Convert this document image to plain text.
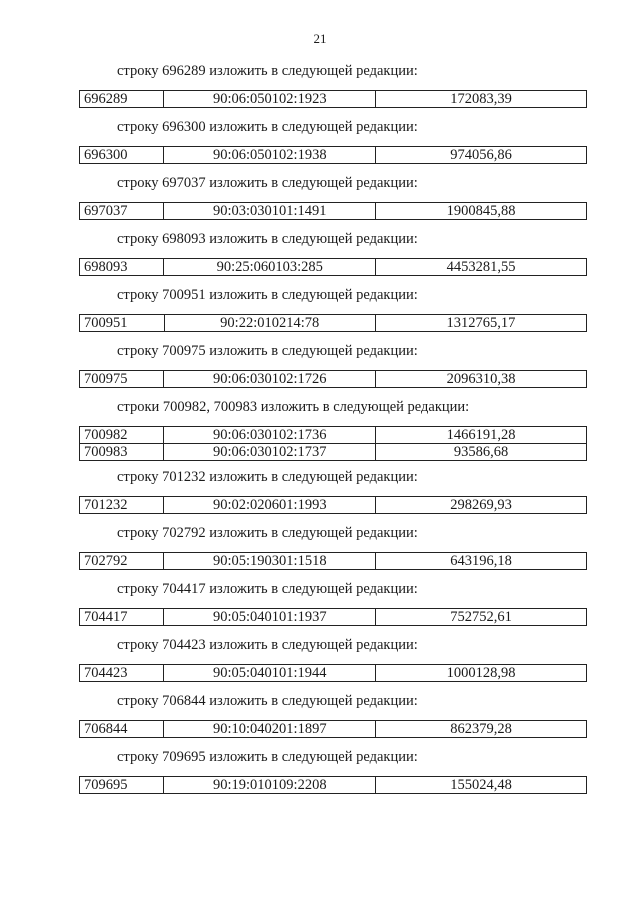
21
строку 696289 изложить в следующей редакции:
696289	90:06:050102:1923	172083,39
строку 696300 изложить в следующей редакции:
696300	90:06:050102:1938	974056,86
строку 697037 изложить в следующей редакции:
697037	90:03:030101:1491	1900845,88
строку 698093 изложить в следующей редакции:
698093	90:25:060103:285	4453281,55
строку 700951 изложить в следующей редакции:
700951	90:22:010214:78	1312765,17
строку 700975 изложить в следующей редакции:
700975	90:06:030102:1726	2096310,38
строки 700982, 700983 изложить в следующей редакции:
700982	90:06:030102:1736	1466191,28
700983	90:06:030102:1737	93586,68
строку 701232 изложить в следующей редакции:
701232	90:02:020601:1993	298269,93
строку 702792 изложить в следующей редакции:
702792	90:05:190301:1518	643196,18
строку 704417 изложить в следующей редакции:
704417	90:05:040101:1937	752752,61
строку 704423 изложить в следующей редакции:
704423	90:05:040101:1944	1000128,98
строку 706844 изложить в следующей редакции:
706844	90:10:040201:1897	862379,28
строку 709695 изложить в следующей редакции:
709695	90:19:010109:2208	155024,48
